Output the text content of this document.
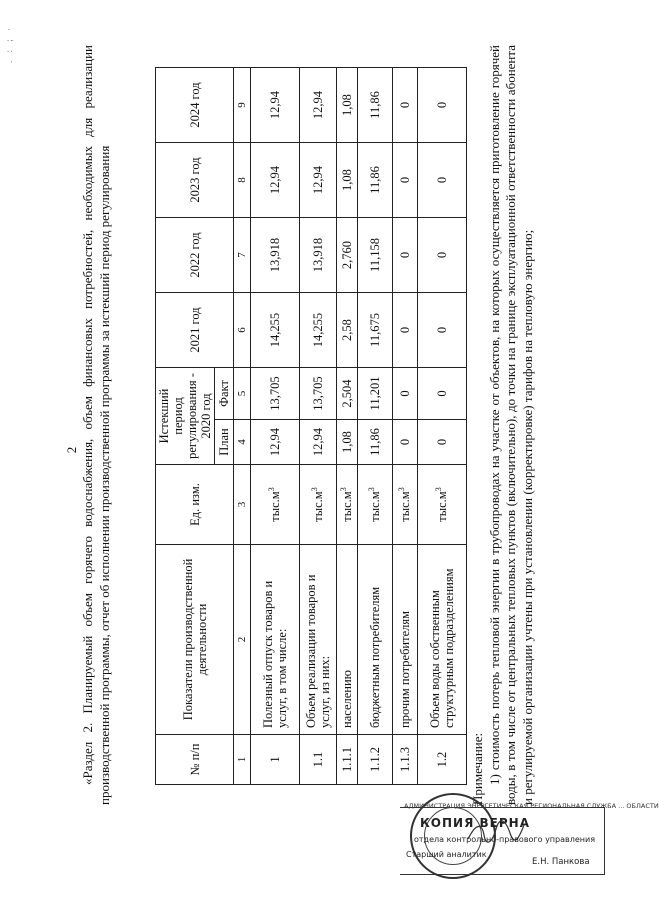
. : ; ·
2 «Раздел 2. Планируемый объем горячего водоснабжения, объем финансовых потребностей, необходимых для реализации производственной программы, отчет об исполнении производственной программы за истекший период регулирования	№ п/п	Показатели производственной деятельности	Ед. изм.	Истекший период регулирования - 2020 год		2021 год	2022 год	2023 год	2024 год
			План	Факт				
1	2	3	4	5	6	7	8	9
1	Полезный отпуск товаров и услуг, в том числе:	$тыс.м^3$	12,94	13,705	14,255	13,918	12,94	12,94
1.1	Объем реализации товаров и услуг, из них:	$тыс.м^3$	12,94	13,705	14,255	13,918	12,94	12,94
1.1.1	населению	$тыс.м^3$	1,08	2,504	2,58	2,760	1,08	1,08
1.1.2	бюджетным потребителям	$тыс.м^3$	11,86	11,201	11,675	11,158	11,86	11,86
1.1.3	прочим потребителям	$тыс.м^3$	0	0	0	0	0	0
1.2	Объем воды собственным структурным подразделениям	$тыс.м^3$	0	0	0	0	0	0

Примечание: 1) стоимость потерь тепловой энергии в трубопроводах на участке от объектов, на которых осуществляется приготовление горячей воды, в том числе от центральных тепловых пунктов (включительно), до точки на границе эксплуатационной ответственности абонента и регулируемой организации учтены при установлении (корректировке) тарифов на тепловую энергию;

АДМИНИСТРАЦИЯ ЭНЕРГЕТИЧЕСКАЯ РЕГИОНАЛЬНАЯ СЛУЖБА ... ОБЛАСТИ
КОПИЯ ВЕРНА
отдела контрольно-правового управления
Старший аналитик
Е.Н. Панкова
